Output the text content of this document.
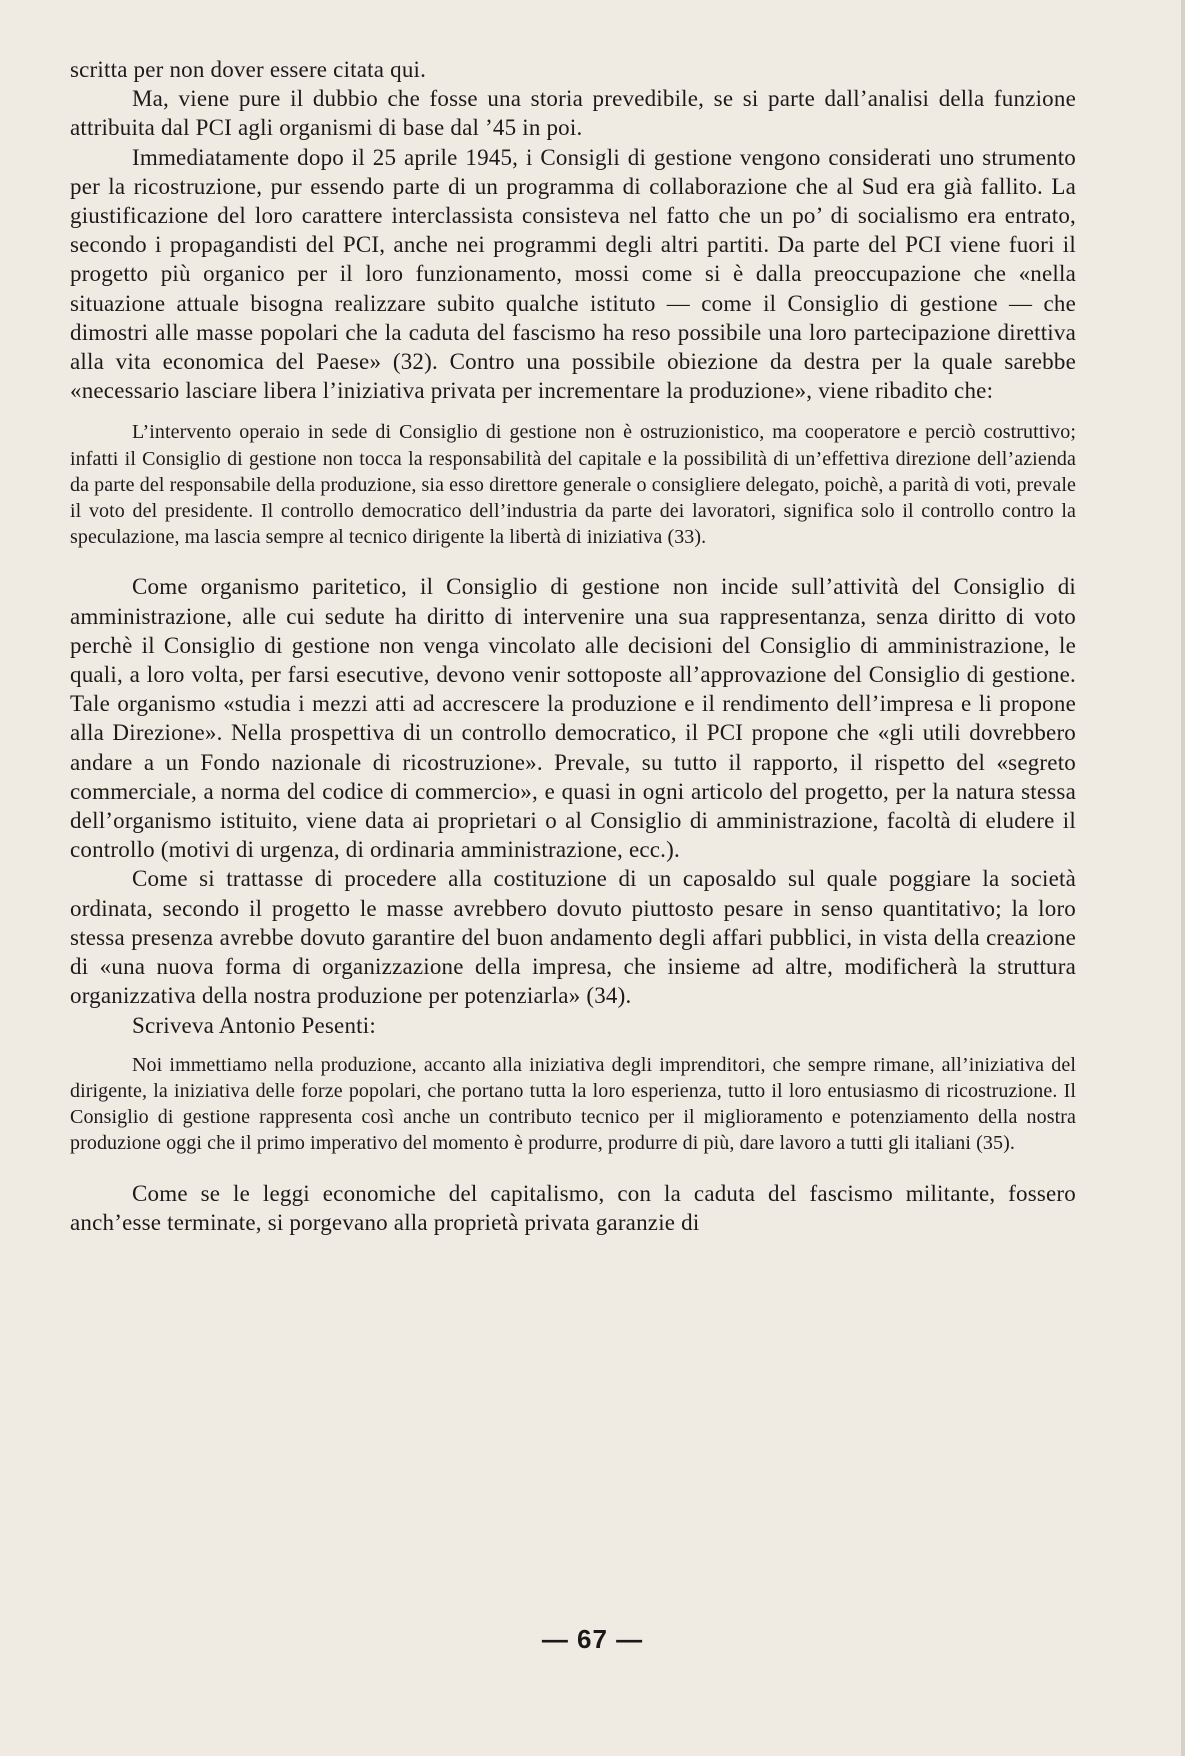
scritta per non dover essere citata qui.

Ma, viene pure il dubbio che fosse una storia prevedibile, se si parte dall’analisi della funzione attribuita dal PCI agli organismi di base dal ’45 in poi.

Immediatamente dopo il 25 aprile 1945, i Consigli di gestione vengono considerati uno strumento per la ricostruzione, pur essendo parte di un programma di collaborazione che al Sud era già fallito. La giustificazione del loro carattere interclassista consisteva nel fatto che un po’ di socialismo era entrato, secondo i propagandisti del PCI, anche nei programmi degli altri partiti. Da parte del PCI viene fuori il progetto più organico per il loro funzionamento, mossi come si è dalla preoccupazione che «nella situazione attuale bisogna realizzare subito qualche istituto — come il Consiglio di gestione — che dimostri alle masse popolari che la caduta del fascismo ha reso possibile una loro partecipazione direttiva alla vita economica del Paese» (32). Contro una possibile obiezione da destra per la quale sarebbe «necessario lasciare libera l’iniziativa privata per incrementare la produzione», viene ribadito che:

L’intervento operaio in sede di Consiglio di gestione non è ostruzionistico, ma cooperatore e perciò costruttivo; infatti il Consiglio di gestione non tocca la responsabilità del capitale e la possibilità di un’effettiva direzione dell’azienda da parte del responsabile della produzione, sia esso direttore generale o consigliere delegato, poichè, a parità di voti, prevale il voto del presidente. Il controllo democratico dell’industria da parte dei lavoratori, significa solo il controllo contro la speculazione, ma lascia sempre al tecnico dirigente la libertà di iniziativa (33).

Come organismo paritetico, il Consiglio di gestione non incide sull’attività del Consiglio di amministrazione, alle cui sedute ha diritto di intervenire una sua rappresentanza, senza diritto di voto perchè il Consiglio di gestione non venga vincolato alle decisioni del Consiglio di amministrazione, le quali, a loro volta, per farsi esecutive, devono venir sottoposte all’approvazione del Consiglio di gestione. Tale organismo «studia i mezzi atti ad accrescere la produzione e il rendimento dell’impresa e li propone alla Direzione». Nella prospettiva di un controllo democratico, il PCI propone che «gli utili dovrebbero andare a un Fondo nazionale di ricostruzione». Prevale, su tutto il rapporto, il rispetto del «segreto commerciale, a norma del codice di commercio», e quasi in ogni articolo del progetto, per la natura stessa dell’organismo istituito, viene data ai proprietari o al Consiglio di amministrazione, facoltà di eludere il controllo (motivi di urgenza, di ordinaria amministrazione, ecc.).

Come si trattasse di procedere alla costituzione di un caposaldo sul quale poggiare la società ordinata, secondo il progetto le masse avrebbero dovuto piuttosto pesare in senso quantitativo; la loro stessa presenza avrebbe dovuto garantire del buon andamento degli affari pubblici, in vista della creazione di «una nuova forma di organizzazione della impresa, che insieme ad altre, modificherà la struttura organizzativa della nostra produzione per potenziarla» (34).

Scriveva Antonio Pesenti:

Noi immettiamo nella produzione, accanto alla iniziativa degli imprenditori, che sempre rimane, all’iniziativa del dirigente, la iniziativa delle forze popolari, che portano tutta la loro esperienza, tutto il loro entusiasmo di ricostruzione. Il Consiglio di gestione rappresenta così anche un contributo tecnico per il miglioramento e potenziamento della nostra produzione oggi che il primo imperativo del momento è produrre, produrre di più, dare lavoro a tutti gli italiani (35).

Come se le leggi economiche del capitalismo, con la caduta del fascismo militante, fossero anch’esse terminate, si porgevano alla proprietà privata garanzie di

— 67 —
